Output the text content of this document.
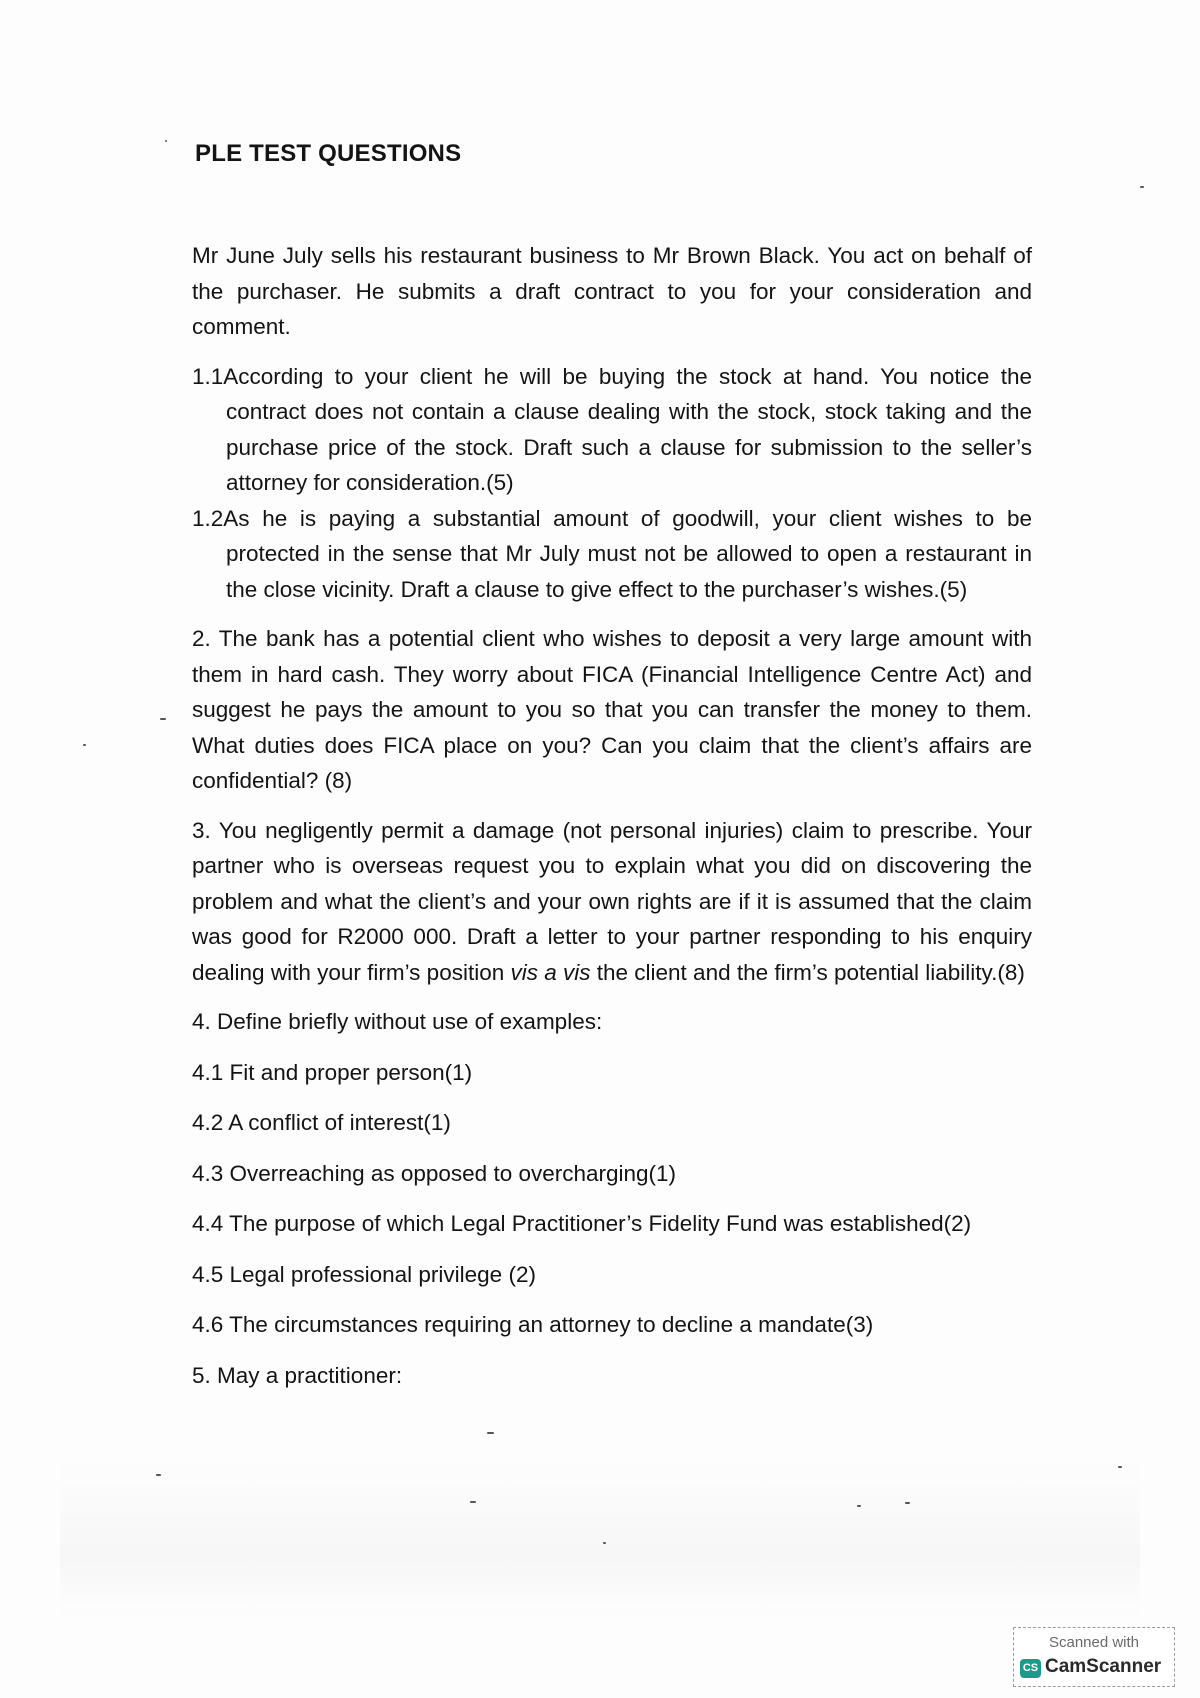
PLE TEST QUESTIONS

Mr June July sells his restaurant business to Mr Brown Black. You act on behalf of the purchaser. He submits a draft contract to you for your consideration and comment.

1.1According to your client he will be buying the stock at hand. You notice the contract does not contain a clause dealing with the stock, stock taking and the purchase price of the stock. Draft such a clause for submission to the seller’s attorney for consideration.(5)

1.2As he is paying a substantial amount of goodwill, your client wishes to be protected in the sense that Mr July must not be allowed to open a restaurant in the close vicinity. Draft a clause to give effect to the purchaser’s wishes.(5)

2. The bank has a potential client who wishes to deposit a very large amount with them in hard cash. They worry about FICA (Financial Intelligence Centre Act) and suggest he pays the amount to you so that you can transfer the money to them. What duties does FICA place on you? Can you claim that the client’s affairs are confidential? (8)

3. You negligently permit a damage (not personal injuries) claim to prescribe. Your partner who is overseas request you to explain what you did on discovering the problem and what the client’s and your own rights are if it is assumed that the claim was good for R2000 000. Draft a letter to your partner responding to his enquiry dealing with your firm’s position vis a vis the client and the firm’s potential liability.(8)

4. Define briefly without use of examples:

4.1 Fit and proper person(1)

4.2 A conflict of interest(1)

4.3 Overreaching as opposed to overcharging(1)

4.4 The purpose of which Legal Practitioner’s Fidelity Fund was established(2)

4.5 Legal professional privilege (2)

4.6 The circumstances requiring an attorney to decline a mandate(3)

5. May a practitioner:

Scanned with
CS CamScanner
